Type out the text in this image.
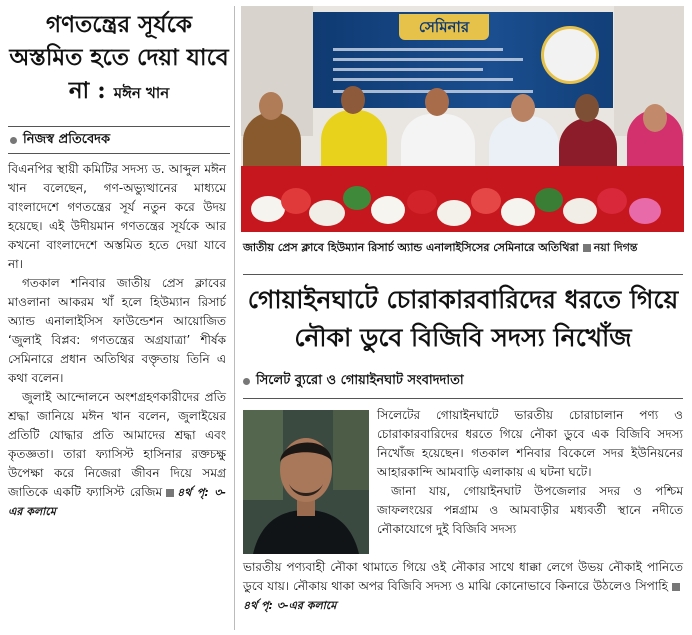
গণতন্ত্রের সূর্যকে অস্তমিত হতে দেয়া যাবে না : মঈন খান
নিজস্ব প্রতিবেদক

বিএনপির স্থায়ী কমিটির সদস্য ড. আব্দুল মঈন খান বলেছেন, গণ-অভ্যুত্থানের মাধ্যমে বাংলাদেশে গণতন্ত্রের সূর্য নতুন করে উদয় হয়েছে। এই উদীয়মান গণতন্ত্রের সূর্যকে আর কখনো বাংলাদেশে অস্তমিত হতে দেয়া যাবে না।

গতকাল শনিবার জাতীয় প্রেস ক্লাবের মাওলানা আকরম খাঁ হলে হিউম্যান রিসার্চ অ্যান্ড এনালাইসিস ফাউন্ডেশন আয়োজিত ‘জুলাই বিপ্লব: গণতন্ত্রের অগ্রযাত্রা’ শীর্ষক সেমিনারে প্রধান অতিথির বক্তৃতায় তিনি এ কথা বলেন।

জুলাই আন্দোলনে অংশগ্রহণকারীদের প্রতি শ্রদ্ধা জানিয়ে মঈন খান বলেন, জুলাইয়ের প্রতিটি যোদ্ধার প্রতি আমাদের শ্রদ্ধা এবং কৃতজ্ঞতা। তারা ফ্যাসিস্ট হাসিনার রক্তচক্ষু উপেক্ষা করে নিজেরা জীবন দিয়ে সমগ্র জাতিকে একটি ফ্যাসিস্ট রেজিম ৪র্থ পৃ: ৩-এর কলামে

সেমিনার
জাতীয় প্রেস ক্লাবে হিউম্যান রিসার্চ অ্যান্ড এনালাইসিসের সেমিনারে অতিথিরা নয়া দিগন্ত
গোয়াইনঘাটে চোরাকারবারিদের ধরতে গিয়ে নৌকা ডুবে বিজিবি সদস্য নিখোঁজ
সিলেট ব্যুরো ও গোয়াইনঘাট সংবাদদাতা

সিলেটের গোয়াইনঘাটে ভারতীয় চোরাচালান পণ্য ও চোরাকারবারিদের ধরতে গিয়ে নৌকা ডুবে এক বিজিবি সদস্য নিখোঁজ হয়েছেন। গতকাল শনিবার বিকেলে সদর ইউনিয়নের আহারকান্দি আমবাড়ি এলাকায় এ ঘটনা ঘটে।

জানা যায়, গোয়াইনঘাট উপজেলার সদর ও পশ্চিম জাফলংয়ের পন্নগ্রাম ও আমবাড়ীর মধ্যবর্তী স্থানে নদীতে নৌকাযোগে দুই বিজিবি সদস্য

ভারতীয় পণ্যবাহী নৌকা থামাতে গিয়ে ওই নৌকার সাথে ধাক্কা লেগে উভয় নৌকাই পানিতে ডুবে যায়। নৌকায় থাকা অপর বিজিবি সদস্য ও মাঝি কোনোভাবে কিনারে উঠলেও সিপাহি৪র্থ পৃ: ৩-এর কলামে
